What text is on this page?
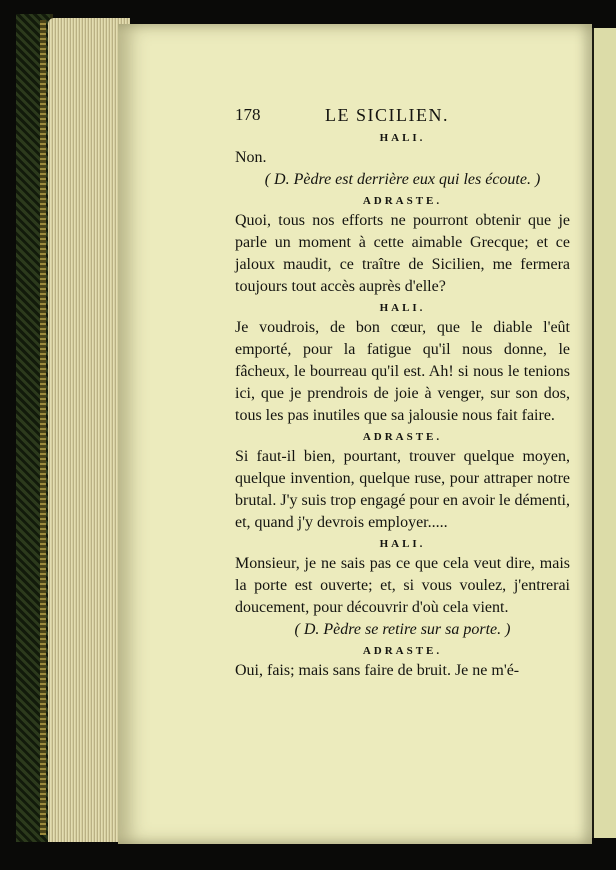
178	LE SICILIEN.
HALI.

Non.

( D. Pèdre est derrière eux qui les écoute. )
ADRASTE.

Quoi, tous nos efforts ne pourront obtenir que je parle un moment à cette aimable Grecque; et ce jaloux maudit, ce traître de Sicilien, me fermera toujours tout accès auprès d'elle?

HALI.

Je voudrois, de bon cœur, que le diable l'eût emporté, pour la fatigue qu'il nous donne, le fâcheux, le bourreau qu'il est. Ah! si nous le tenions ici, que je prendrois de joie à venger, sur son dos, tous les pas inutiles que sa jalousie nous fait faire.

ADRASTE.

Si faut-il bien, pourtant, trouver quelque moyen, quelque invention, quelque ruse, pour attraper notre brutal. J'y suis trop engagé pour en avoir le démenti, et, quand j'y devrois employer.....

HALI.

Monsieur, je ne sais pas ce que cela veut dire, mais la porte est ouverte; et, si vous voulez, j'entrerai doucement, pour découvrir d'où cela vient.

( D. Pèdre se retire sur sa porte. )
ADRASTE.

Oui, fais; mais sans faire de bruit. Je ne m'é-
